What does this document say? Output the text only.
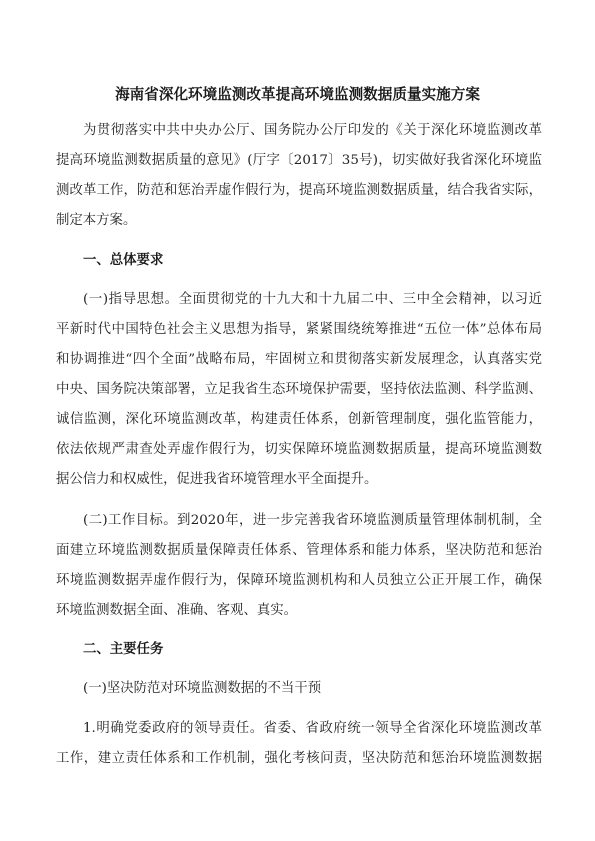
海南省深化环境监测改革提高环境监测数据质量实施方案
为贯彻落实中共中央办公厅、国务院办公厅印发的《关于深化环境监测改革
提高环境监测数据质量的意见》(厅字〔2017〕35号)，切实做好我省深化环境监
测改革工作，防范和惩治弄虚作假行为，提高环境监测数据质量，结合我省实际，
制定本方案。
一、总体要求
(一)指导思想。全面贯彻党的十九大和十九届二中、三中全会精神，以习近
平新时代中国特色社会主义思想为指导，紧紧围绕统筹推进“五位一体”总体布局
和协调推进“四个全面”战略布局，牢固树立和贯彻落实新发展理念，认真落实党
中央、国务院决策部署，立足我省生态环境保护需要，坚持依法监测、科学监测、
诚信监测，深化环境监测改革，构建责任体系，创新管理制度，强化监管能力，
依法依规严肃查处弄虚作假行为，切实保障环境监测数据质量，提高环境监测数
据公信力和权威性，促进我省环境管理水平全面提升。
(二)工作目标。到2020年，进一步完善我省环境监测质量管理体制机制，全
面建立环境监测数据质量保障责任体系、管理体系和能力体系，坚决防范和惩治
环境监测数据弄虚作假行为，保障环境监测机构和人员独立公正开展工作，确保
环境监测数据全面、准确、客观、真实。
二、主要任务
(一)坚决防范对环境监测数据的不当干预
1.明确党委政府的领导责任。省委、省政府统一领导全省深化环境监测改革
工作，建立责任体系和工作机制，强化考核问责，坚决防范和惩治环境监测数据
